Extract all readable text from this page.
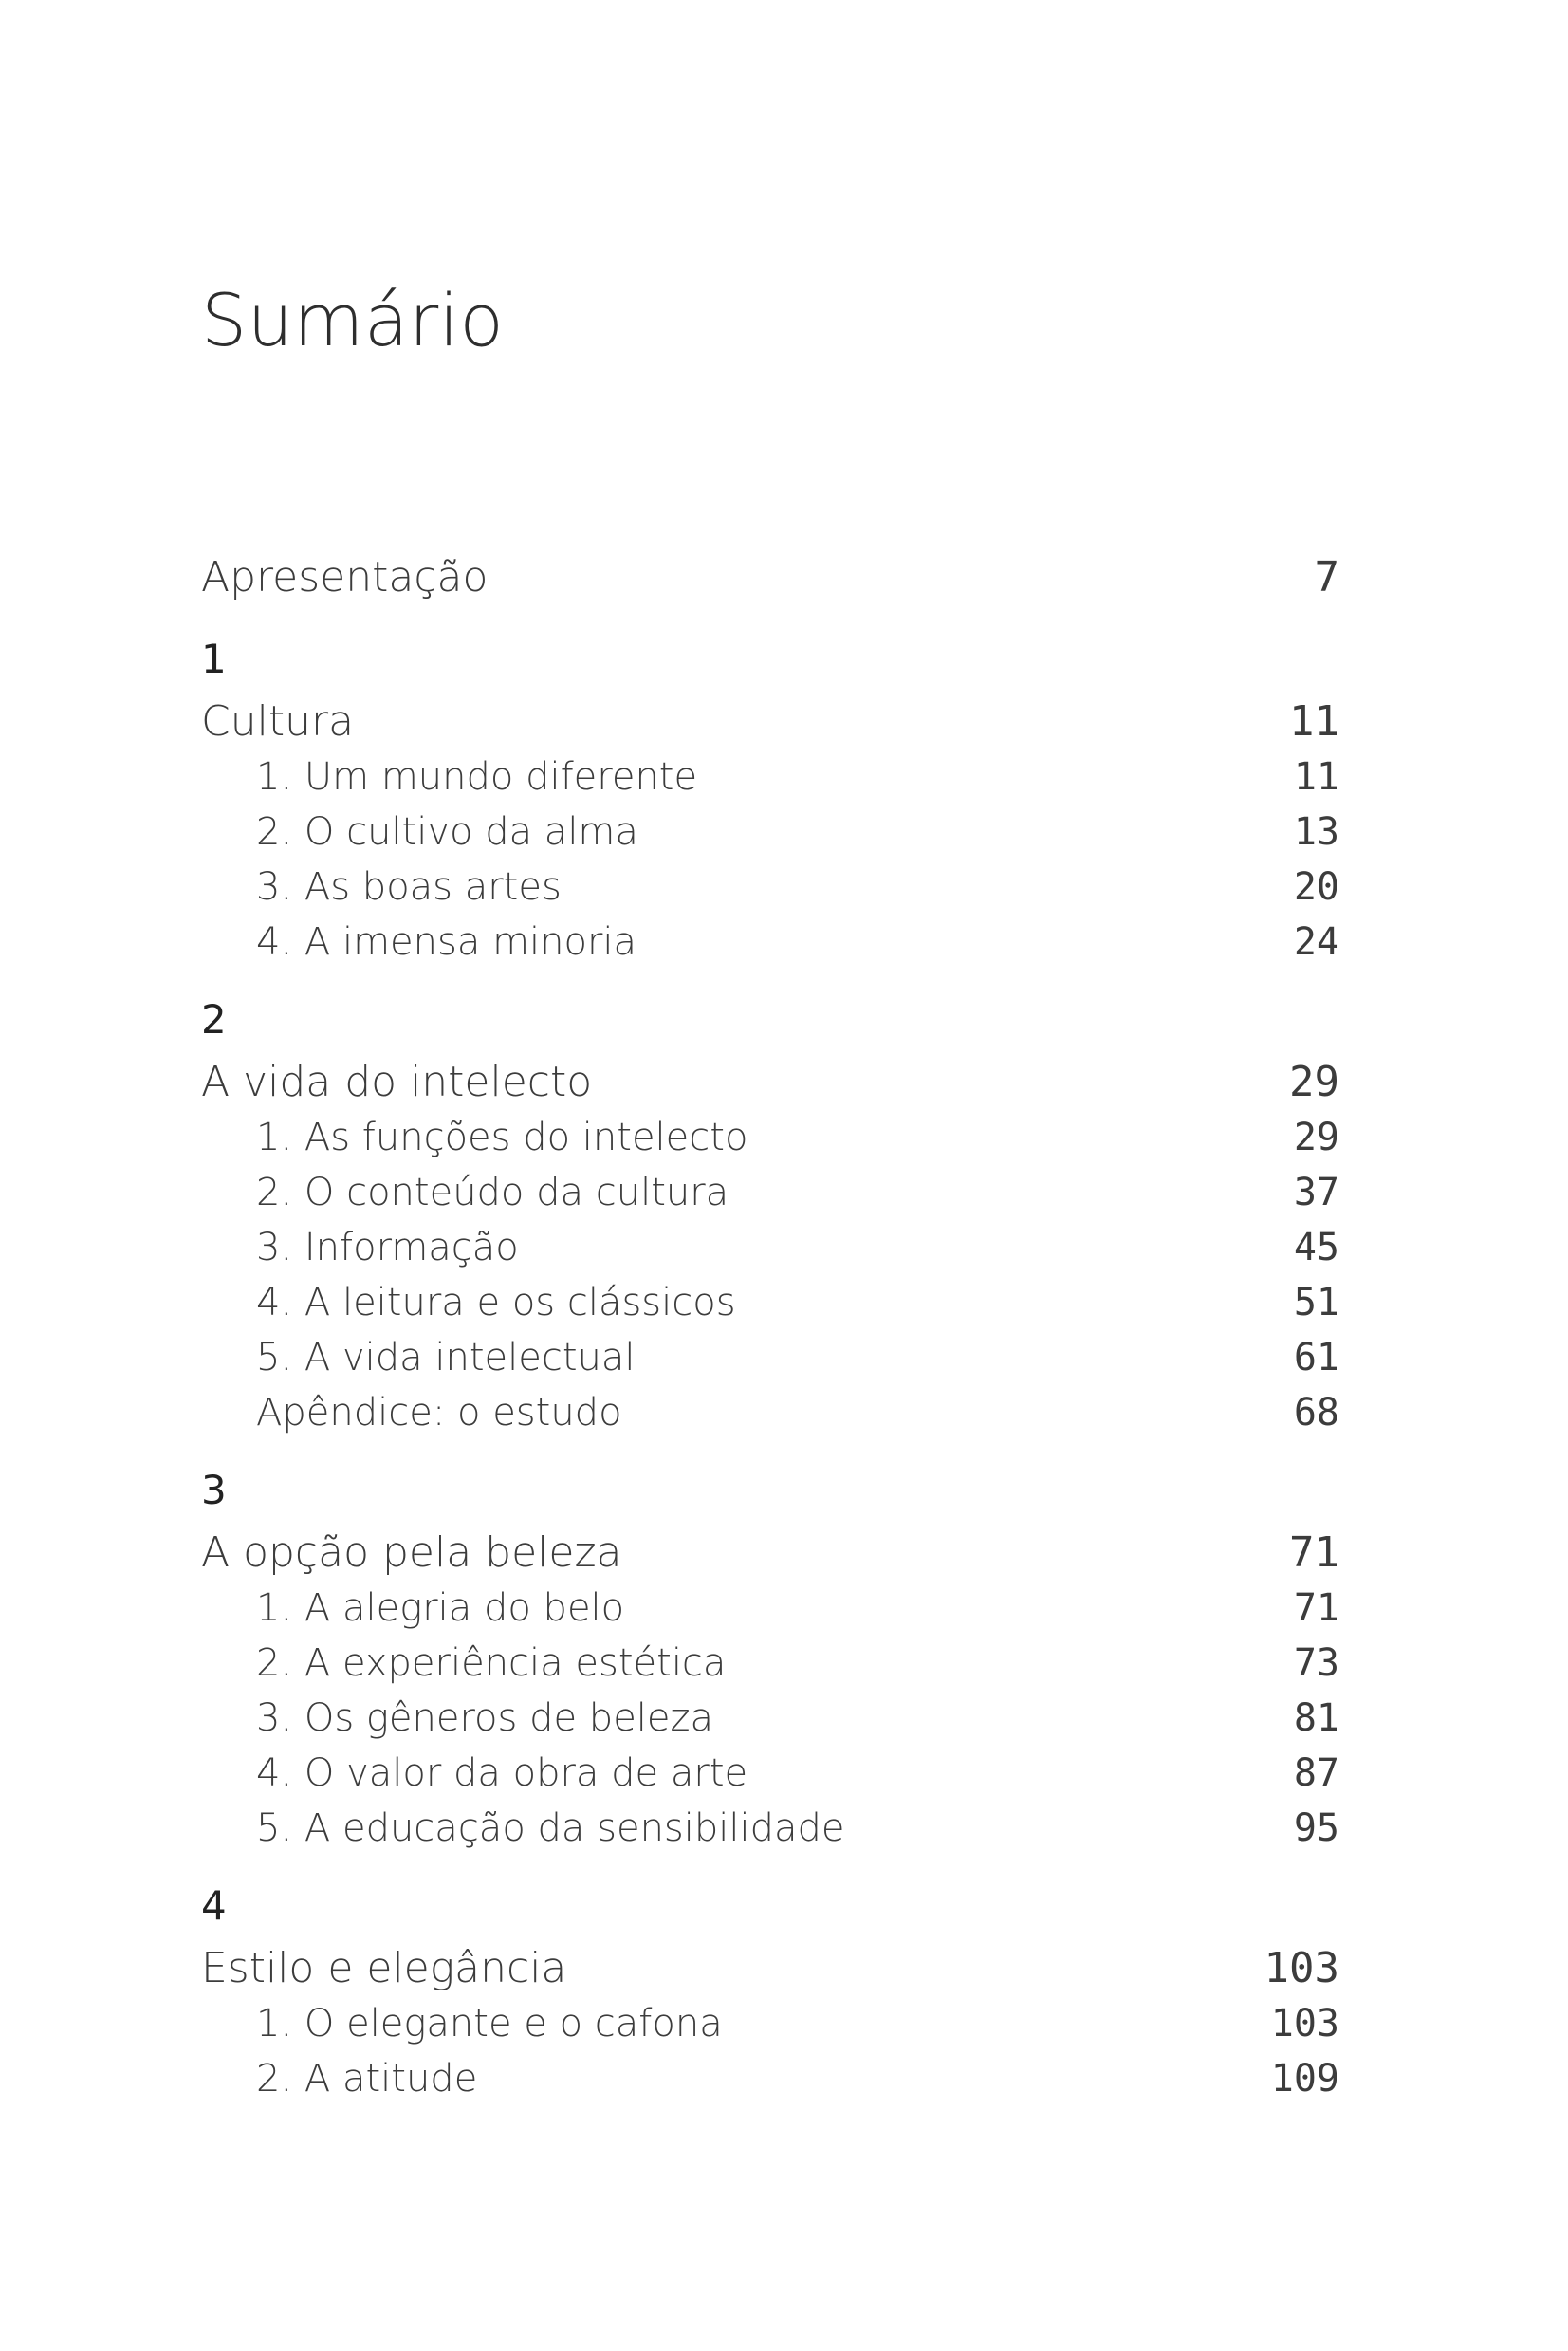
Sumário
Apresentação	7
1
Cultura	11
1. Um mundo diferente	11
2. O cultivo da alma	13
3. As boas artes	20
4. A imensa minoria	24
2
A vida do intelecto	29
1. As funções do intelecto	29
2. O conteúdo da cultura	37
3. Informação	45
4. A leitura e os clássicos	51
5. A vida intelectual	61
Apêndice: o estudo	68
3
A opção pela beleza	71
1. A alegria do belo	71
2. A experiência estética	73
3. Os gêneros de beleza	81
4. O valor da obra de arte	87
5. A educação da sensibilidade	95
4
Estilo e elegância	103
1. O elegante e o cafona	103
2. A atitude	109
